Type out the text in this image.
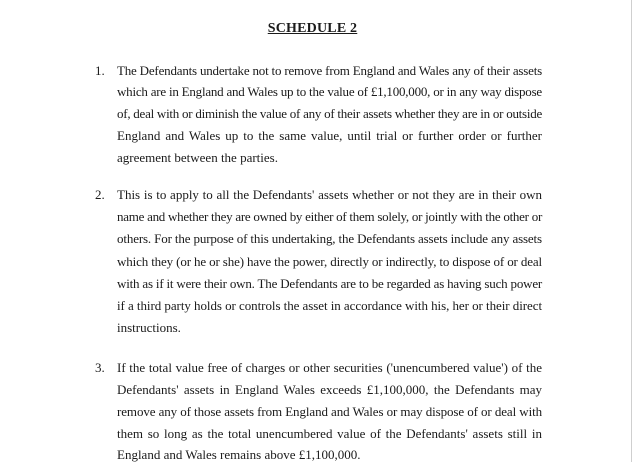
SCHEDULE 2
1. The Defendants undertake not to remove from England and Wales any of their assets
which are in England and Wales up to the value of £1,100,000, or in any way dispose
of, deal with or diminish the value of any of their assets whether they are in or outside
England and Wales up to the same value, until trial or further order or further
agreement between the parties.
2. This is to apply to all the Defendants' assets whether or not they are in their own
name and whether they are owned by either of them solely, or jointly with the other or
others. For the purpose of this undertaking, the Defendants assets include any assets
which they (or he or she) have the power, directly or indirectly, to dispose of or deal
with as if it were their own. The Defendants are to be regarded as having such power
if a third party holds or controls the asset in accordance with his, her or their direct
instructions.
3. If the total value free of charges or other securities ('unencumbered value') of the
Defendants' assets in England Wales exceeds £1,100,000, the Defendants may
remove any of those assets from England and Wales or may dispose of or deal with
them so long as the total unencumbered value of the Defendants' assets still in
England and Wales remains above £1,100,000.
